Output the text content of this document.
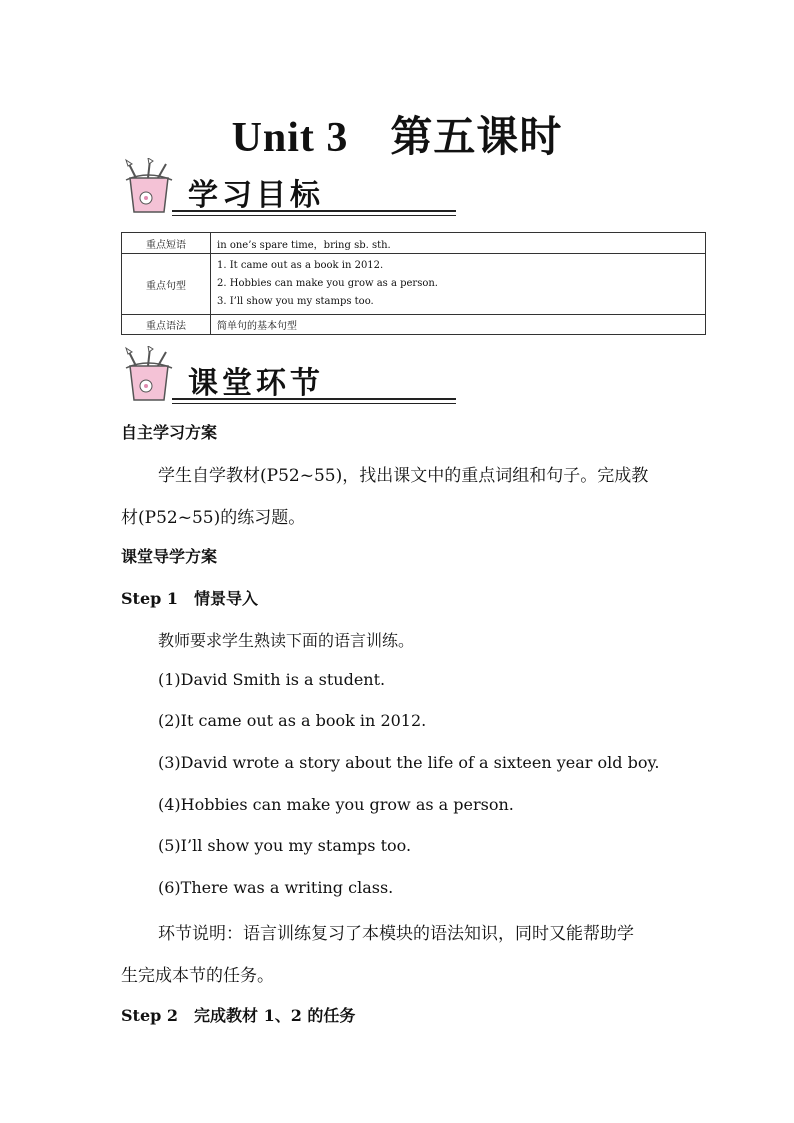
Unit 3 第五课时
学习目标
重点短语	in one’s spare time，bring sb. sth.
重点句型	1. It came out as a book in 2012.
2. Hobbies can make you grow as a person.
3. I’ll show you my stamps too.

重点语法	简单句的基本句型
课堂环节
自主学习方案
学生自学教材(P52~55)，找出课文中的重点词组和句子。完成教
材(P52~55)的练习题。
课堂导学方案
Step 1　情景导入
教师要求学生熟读下面的语言训练。
(1)David Smith is a student.
(2)It came out as a book in 2012.
(3)David wrote a story about the life of a sixteen year old boy.
(4)Hobbies can make you grow as a person.
(5)I’ll show you my stamps too.
(6)There was a writing class.
环节说明：语言训练复习了本模块的语法知识，同时又能帮助学
生完成本节的任务。
Step 2　完成教材 1、2 的任务
